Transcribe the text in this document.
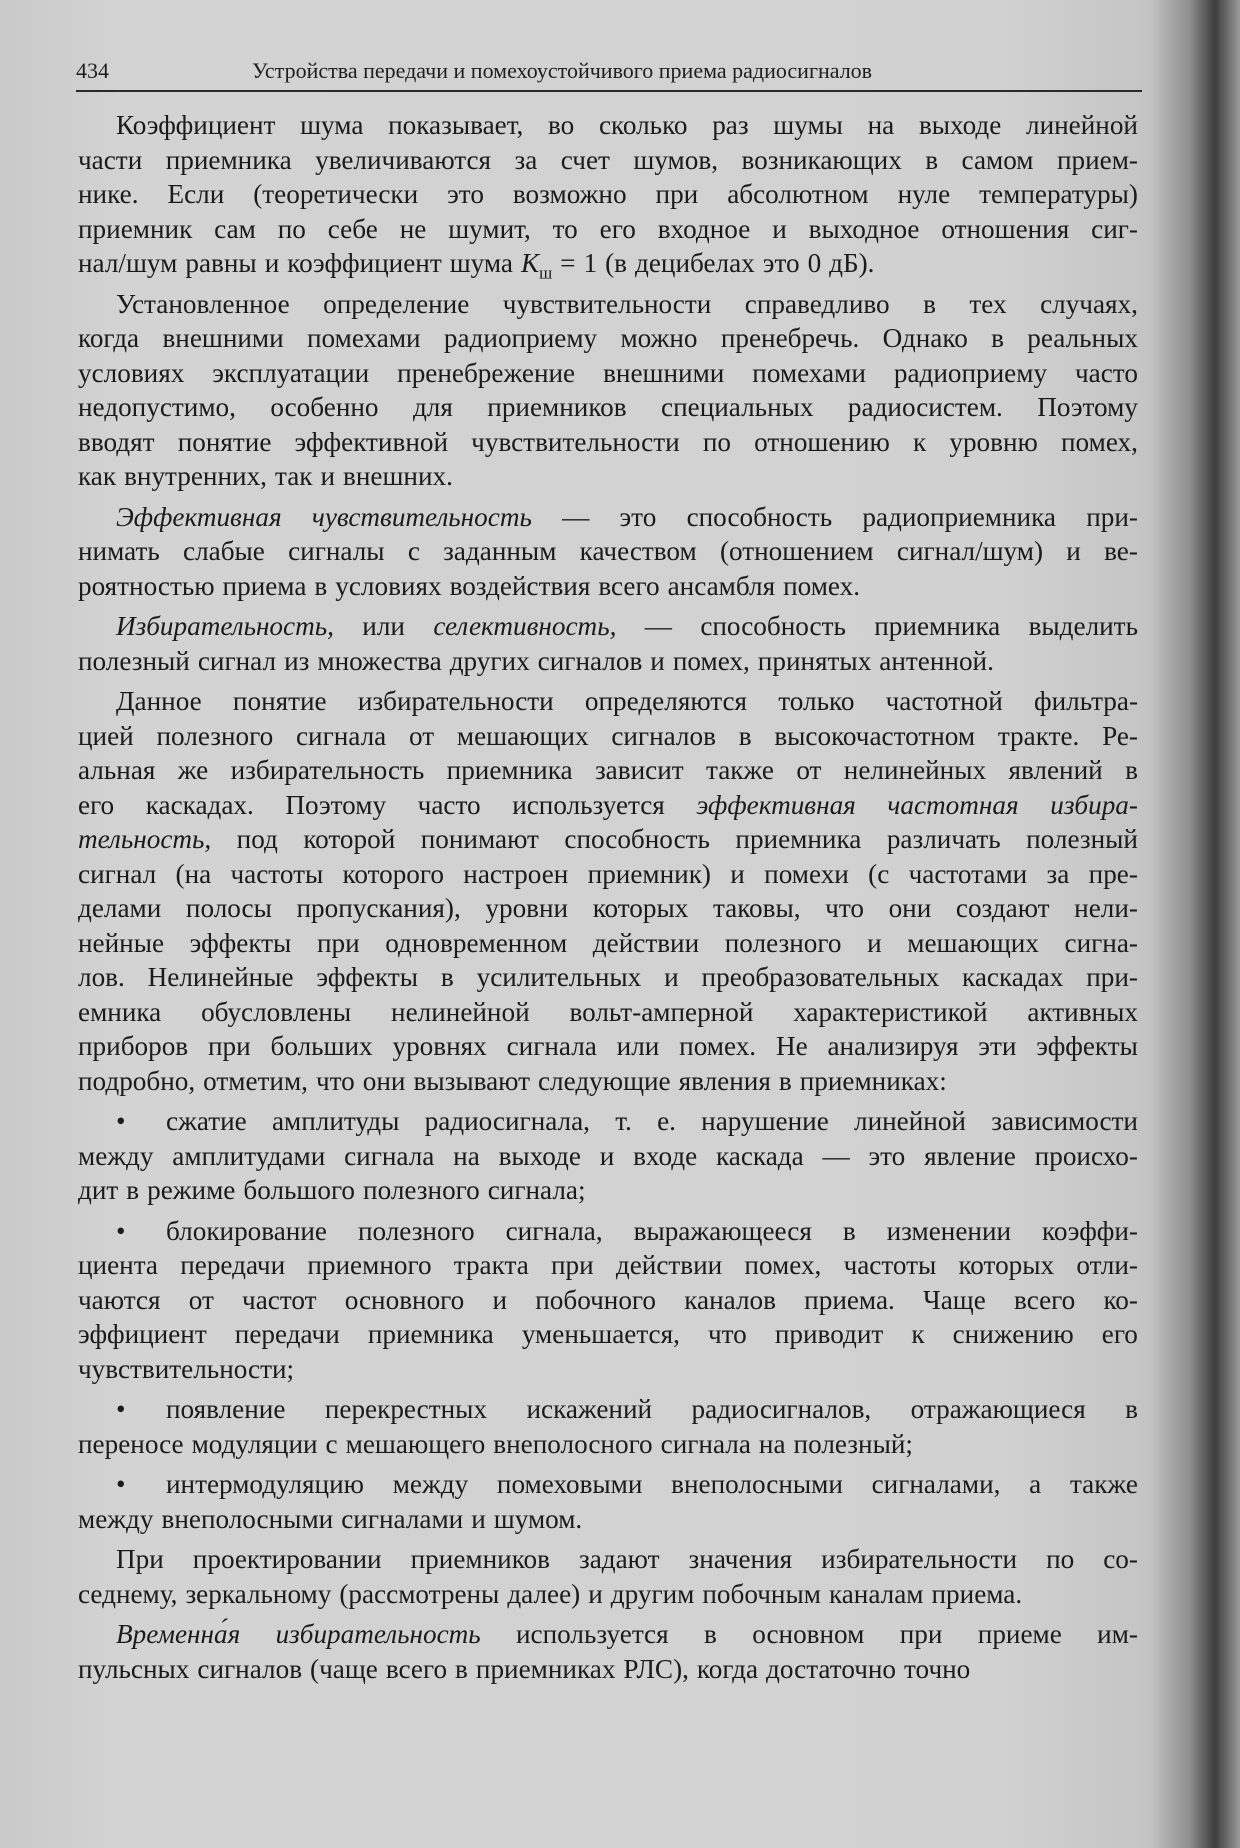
434	Устройства передачи и помехоустойчивого приема радиосигналов
Коэффициент шума показывает, во сколько раз шумы на выходе линейной
части приемника увеличиваются за счет шумов, возникающих в самом прием-
нике. Если (теоретически это возможно при абсолютном нуле температуры)
приемник сам по себе не шумит, то его входное и выходное отношения сиг-
нал/шум равны и коэффициент шума $К_ш = 1$ (в децибелах это 0 дБ).
Установленное определение чувствительности справедливо в тех случаях,
когда внешними помехами радиоприему можно пренебречь. Однако в реальных
условиях эксплуатации пренебрежение внешними помехами радиоприему часто
недопустимо, особенно для приемников специальных радиосистем. Поэтому
вводят понятие эффективной чувствительности по отношению к уровню помех,
как внутренних, так и внешних.
Эффективная чувствительность — это способность радиоприемника при-
нимать слабые сигналы с заданным качеством (отношением сигнал/шум) и ве-
роятностью приема в условиях воздействия всего ансамбля помех.
Избирательность, или селективность, — способность приемника выделить
полезный сигнал из множества других сигналов и помех, принятых антенной.
Данное понятие избирательности определяются только частотной фильтра-
цией полезного сигнала от мешающих сигналов в высокочастотном тракте. Ре-
альная же избирательность приемника зависит также от нелинейных явлений в
его каскадах. Поэтому часто используется эффективная частотная избира-
тельность, под которой понимают способность приемника различать полезный
сигнал (на частоты которого настроен приемник) и помехи (с частотами за пре-
делами полосы пропускания), уровни которых таковы, что они создают нели-
нейные эффекты при одновременном действии полезного и мешающих сигна-
лов. Нелинейные эффекты в усилительных и преобразовательных каскадах при-
емника обусловлены нелинейной вольт-амперной характеристикой активных
приборов при больших уровнях сигнала или помех. Не анализируя эти эффекты
подробно, отметим, что они вызывают следующие явления в приемниках:
•	сжатие амплитуды радиосигнала, т. е. нарушение линейной зависимости
между амплитудами сигнала на выходе и входе каскада — это явление происхо-
дит в режиме большого полезного сигнала;
•	блокирование полезного сигнала, выражающееся в изменении коэффи-
циента передачи приемного тракта при действии помех, частоты которых отли-
чаются от частот основного и побочного каналов приема. Чаще всего ко-
эффициент передачи приемника уменьшается, что приводит к снижению его
чувствительности;
•	появление перекрестных искажений радиосигналов, отражающиеся в
переносе модуляции с мешающего внеполосного сигнала на полезный;
•	интермодуляцию между помеховыми внеполосными сигналами, а также
между внеполосными сигналами и шумом.
При проектировании приемников задают значения избирательности по со-
седнему, зеркальному (рассмотрены далее) и другим побочным каналам приема.
Временна́я избирательность используется в основном при приеме им-
пульсных сигналов (чаще всего в приемниках РЛС), когда достаточно точно
